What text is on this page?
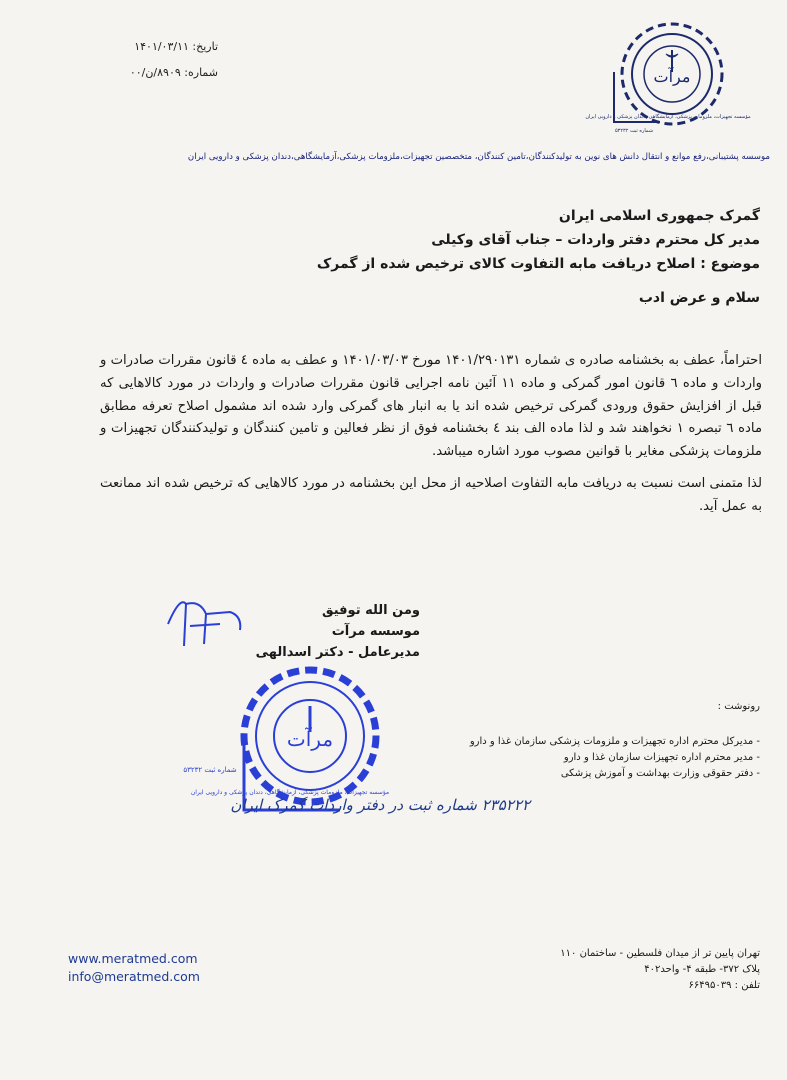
تاریخ: ۱۴۰۱/۰۳/۱۱
شماره: ۸۹۰۹/ن/۰۰	مرآت
مؤسسه تجهیزات، ملزومات پزشکی، آزمایشگاهی، دندان پزشکی و دارویی ایران
شماره ثبت ۵۳۲۳۲
موسسه پشتیبانی،رفع موانع و انتقال دانش های نوین به تولیدکنندگان،تامین کنندگان، متخصصین تجهیزات،ملزومات پزشکی،آزمایشگاهی،دندان پزشکی و دارویی ایران
گمرک جمهوری اسلامی ایران
مدیر کل محترم دفتر واردات – جناب آقای وکیلی
موضوع : اصلاح دریافت مابه التفاوت کالای ترخیص شده از گمرک
سلام و عرض ادب

احتراماً، عطف به بخشنامه صادره ی شماره ۱۴۰۱/۲۹۰۱۳۱ مورخ ۱۴۰۱/۰۳/۰۳ و عطف به ماده ٤ قانون مقررات صادرات و واردات و ماده ٦ قانون امور گمرکی و ماده ۱۱ آئین نامه اجرایی قانون مقررات صادرات و واردات در مورد کالاهایی که قبل از افزایش حقوق ورودی گمرکی ترخیص شده اند یا به انبار های گمرکی وارد شده اند مشمول اصلاح تعرفه مطابق ماده ٦ تبصره ۱ نخواهند شد و لذا ماده الف بند ٤ بخشنامه فوق از نظر فعالین و تامین کنندگان و تولیدکنندگان تجهیزات و ملزومات پزشکی مغایر با قوانین مصوب مورد اشاره میباشد.

لذا متمنی است نسبت به دریافت مابه التفاوت اصلاحیه از محل این بخشنامه در مورد کالاهایی که ترخیص شده اند ممانعت به عمل آید.

ومن الله توفیق
موسسه مرآت
مدیرعامل - دکتر اسدالهی
مرآت
مؤسسه تجهیزات، ملزومات پزشکی، آزمایشگاهی، دندان پزشکی و دارویی ایران
شماره ثبت ۵۳۲۳۲
رونوشت :
- مدیرکل محترم اداره تجهیزات و ملزومات پزشکی سازمان غذا و دارو
- مدیر محترم اداره تجهیزات سازمان غذا و دارو
- دفتر حقوقی وزارت بهداشت و آموزش پزشکی
۲۳۵۲۲۲ شماره ثبت در دفتر واردات گمرک ایران
www.meratmed.com
info@meratmed.com
تهران پایین تر از میدان فلسطین - ساختمان ۱۱۰
پلاک ۳۷۲- طبقه ۴- واحد۴۰۲
تلفن : ۶۶۴۹۵۰۳۹
